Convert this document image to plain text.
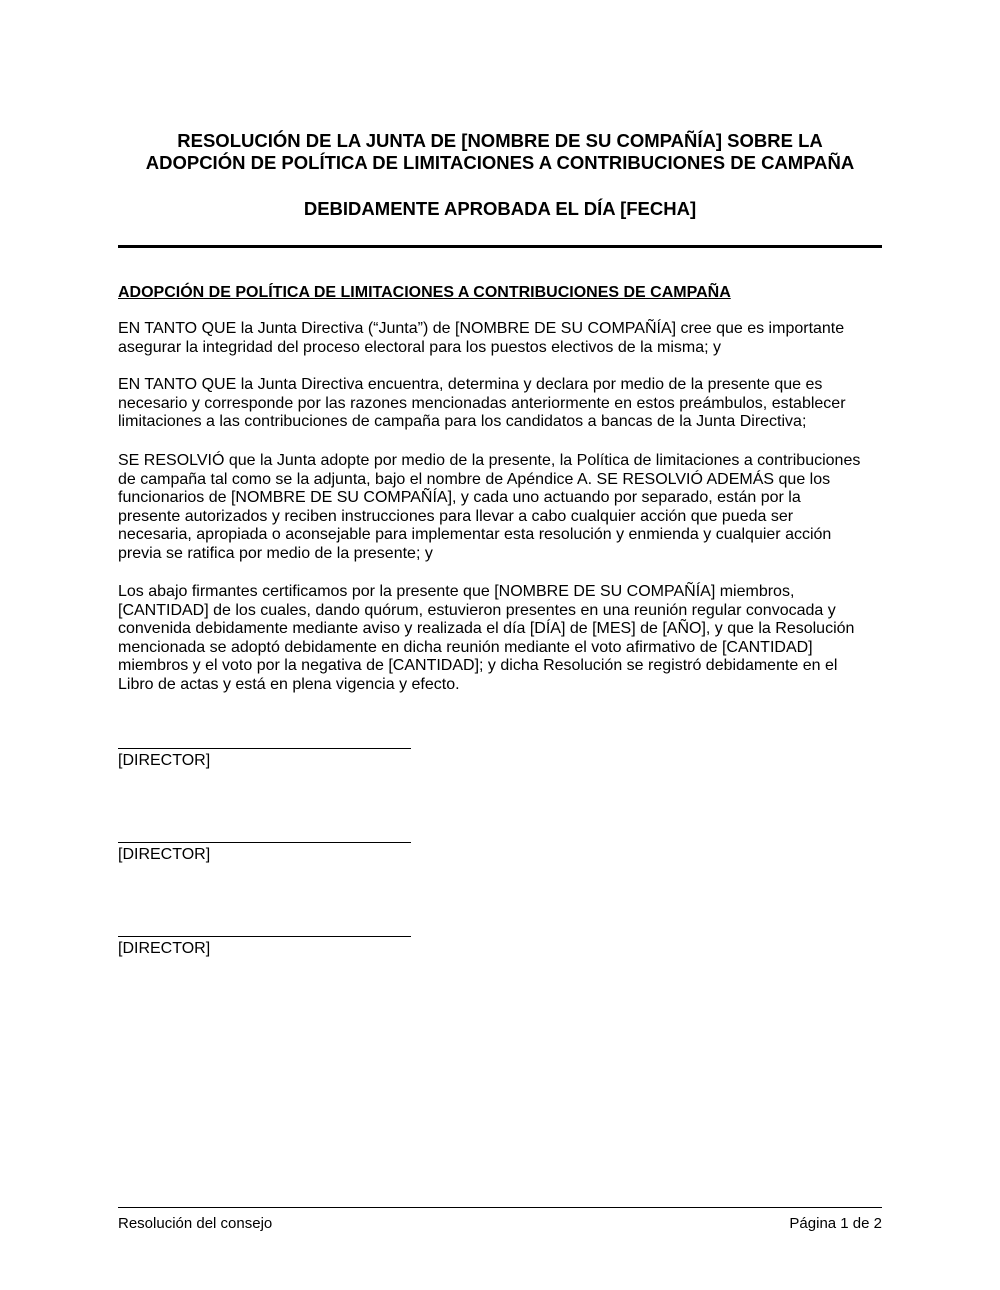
RESOLUCIÓN DE LA JUNTA DE [NOMBRE DE SU COMPAÑÍA] SOBRE LA
ADOPCIÓN DE POLÍTICA DE LIMITACIONES A CONTRIBUCIONES DE CAMPAÑA
DEBIDAMENTE APROBADA EL DÍA [FECHA]
ADOPCIÓN DE POLÍTICA DE LIMITACIONES A CONTRIBUCIONES DE CAMPAÑA
EN TANTO QUE la Junta Directiva (“Junta”) de [NOMBRE DE SU COMPAÑÍA] cree que es importante
asegurar la integridad del proceso electoral para los puestos electivos de la misma; y
EN TANTO QUE la Junta Directiva encuentra, determina y declara por medio de la presente que es
necesario y corresponde por las razones mencionadas anteriormente en estos preámbulos, establecer
limitaciones a las contribuciones de campaña para los candidatos a bancas de la Junta Directiva;
SE RESOLVIÓ que la Junta adopte por medio de la presente, la Política de limitaciones a contribuciones
de campaña tal como se la adjunta, bajo el nombre de Apéndice A. SE RESOLVIÓ ADEMÁS que los
funcionarios de [NOMBRE DE SU COMPAÑÍA], y cada uno actuando por separado, están por la
presente autorizados y reciben instrucciones para llevar a cabo cualquier acción que pueda ser
necesaria, apropiada o aconsejable para implementar esta resolución y enmienda y cualquier acción
previa se ratifica por medio de la presente; y
Los abajo firmantes certificamos por la presente que [NOMBRE DE SU COMPAÑÍA] miembros,
[CANTIDAD] de los cuales, dando quórum, estuvieron presentes en una reunión regular convocada y
convenida debidamente mediante aviso y realizada el día [DÍA] de [MES] de [AÑO], y que la Resolución
mencionada se adoptó debidamente en dicha reunión mediante el voto afirmativo de [CANTIDAD]
miembros y el voto por la negativa de [CANTIDAD]; y dicha Resolución se registró debidamente en el
Libro de actas y está en plena vigencia y efecto.
[DIRECTOR]
[DIRECTOR]
[DIRECTOR]
Resolución del consejo	Página 1 de 2
